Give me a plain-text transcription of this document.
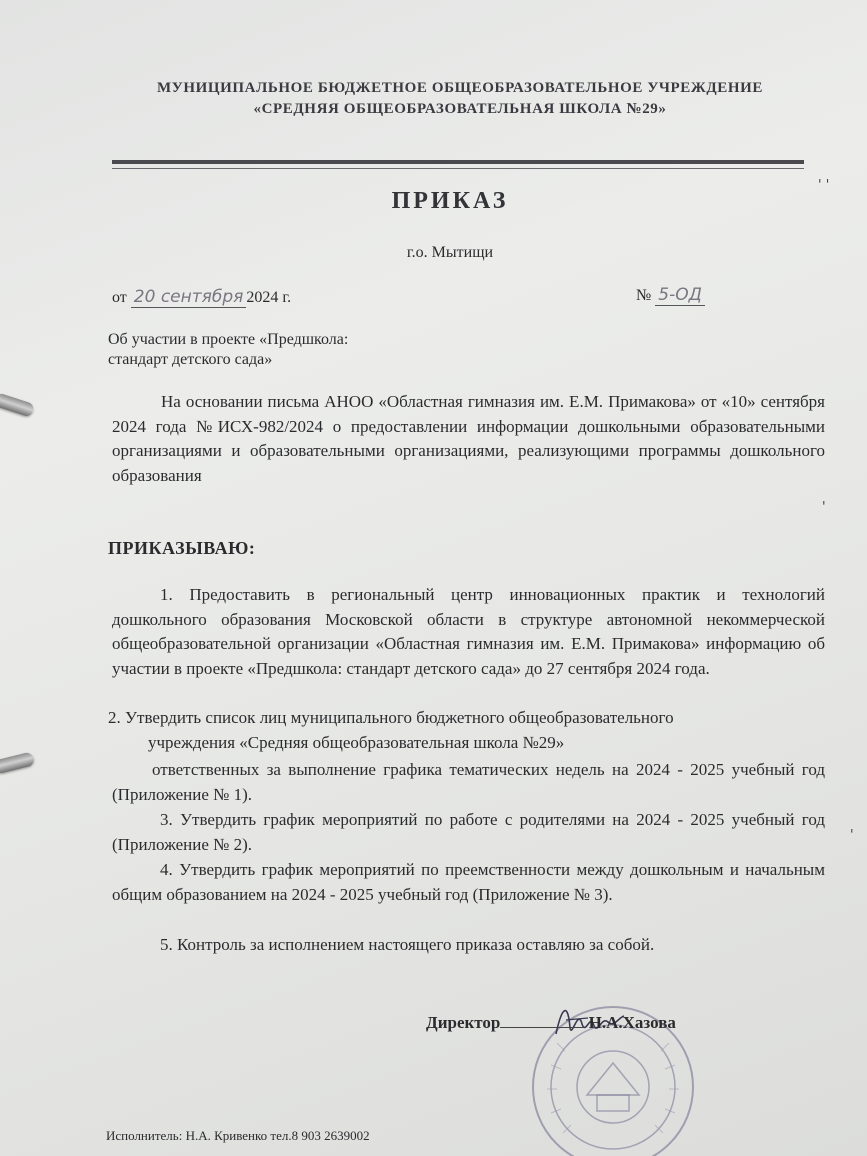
' '
'
'
МУНИЦИПАЛЬНОЕ БЮДЖЕТНОЕ ОБЩЕОБРАЗОВАТЕЛЬНОЕ УЧРЕЖДЕНИЕ
«СРЕДНЯЯ ОБЩЕОБРАЗОВАТЕЛЬНАЯ ШКОЛА №29»
ПРИКАЗ
г.о. Мытищи
от 20 сентября 2024 г.	№ 5-ОД
Об участии в проекте «Предшкола:
стандарт детского сада»

На основании письма АНОО «Областная гимназия им. Е.М. Примакова» от «10» сентября 2024 года №ИСХ-982/2024 о предоставлении информации дошкольными образовательными организациями и образовательными организациями, реализующими программы дошкольного образования

ПРИКАЗЫВАЮ:

1. Предоставить в региональный центр инновационных практик и технологий дошкольного образования Московской области в структуре автономной некоммерческой общеобразовательной организации «Областная гимназия им. Е.М. Примакова» информацию об участии в проекте «Предшкола: стандарт детского сада» до 27 сентября 2024 года.

2. Утвердить список лиц муниципального бюджетного общеобразовательного
учреждения «Средняя общеобразовательная школа №29»

ответственных за выполнение графика тематических недель на 2024 - 2025 учебный год (Приложение № 1).

3. Утвердить график мероприятий по работе с родителями на 2024 - 2025 учебный год (Приложение № 2).

4. Утвердить график мероприятий по преемственности между дошкольным и начальным общим образованием на 2024 - 2025 учебный год (Приложение № 3).

5. Контроль за исполнением настоящего приказа оставляю за собой.
Директор	Н.А.Хазова
Исполнитель: Н.А. Кривенко тел.8 903 2639002
